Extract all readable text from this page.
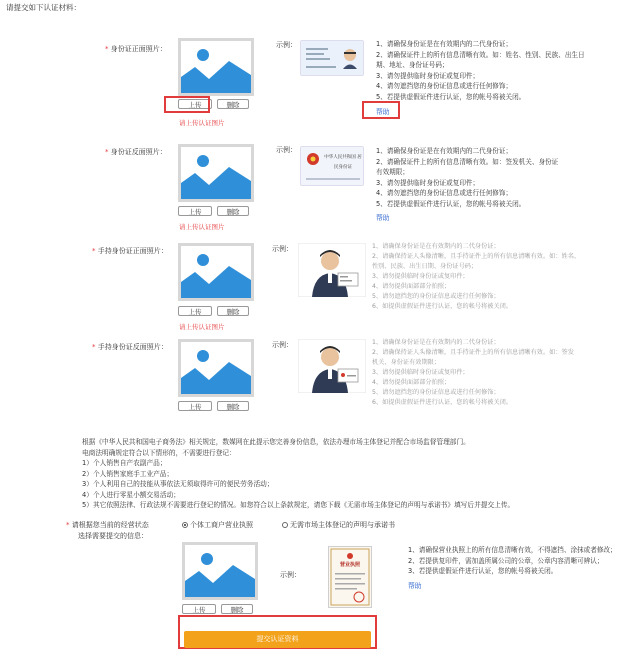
请提交如下认证材料：
* 身份证正面照片：
上传	删除
请上传认证图片
示例：	1、请确保身份证是在有效期内的二代身份证；
2、请确保证件上的所有信息清晰有效。如：姓名、性别、民族、出生日
期、地址、身份证号码；
3、请勿提供临时身份证或复印件；
4、请勿遮挡您的身份证信息或进行任何修饰；
5、若提供虚假证件进行认证，您的帐号将被关闭。
帮助
* 身份证反面照片：
上传	删除
请上传认证图片
示例：
中华人民共和国 居民身份证
1、请确保身份证是在有效期内的二代身份证；
2、请确保证件上的所有信息清晰有效。如：签发机关、身份证
有效期限；
3、请勿提供临时身份证或复印件；
4、请勿遮挡您的身份证信息或进行任何修饰；
5、若提供虚假证件进行认证，您的帐号将被关闭。
帮助
* 手持身份证正面照片：
上传	删除
请上传认证图片
示例：	1、请确保身份证是在有效期内的二代身份证；
2、请确保持证人头像清晰，且手持证件上的所有信息清晰有效。如：姓名、
性别、民族、出生日期、身份证号码；
3、请勿提供临时身份证或复印件；
4、请勿提供面部部分拍照；
5、请勿遮挡您的身份证信息或进行任何修饰；
6、如提供虚假证件进行认证，您的帐号将被关闭。
* 手持身份证反面照片：
上传	删除
示例：	1、请确保身份证是在有效期内的二代身份证；
2、请确保持证人头像清晰，且手持证件上的所有信息清晰有效。如：签发
机关、身份证有效期限；
3、请勿提供临时身份证或复印件；
4、请勿提供面部部分拍照；
5、请勿遮挡您的身份证信息或进行任何修饰；
6、如提供虚假证件进行认证，您的帐号将被关闭。
根据《中华人民共和国电子商务法》相关规定，数媒网在此提示您完善身份信息，依法办理市场主体登记并配合市场监督管理部门。
电商法明确规定符合以下情形的，不需要进行登记：
1）个人销售自产农副产品；
2）个人销售家庭手工业产品；
3）个人利用自己的技能从事依法无须取得许可的便民劳务活动；
4）个人进行零星小额交易活动；
5）其它依照法律、行政法规不需要进行登记的情况。如您符合以上条款规定，请您下载《无需市场主体登记的声明与承诺书》填写后并提交上传。
* 请根据您当前的经营状态
选择需要提交的信息：
个体工商户营业执照	无需市场主体登记的声明与承诺书
上传	删除
示例：
营业执照
1、请确保营业执照上的所有信息清晰有效，不得遮挡、涂抹或者修改；
2、若提供复印件，需加盖所属公司的公章，公章内容清晰可辨认；
3、若提供虚假证件进行认证，您的帐号将被关闭。
帮助
提交认证资料
